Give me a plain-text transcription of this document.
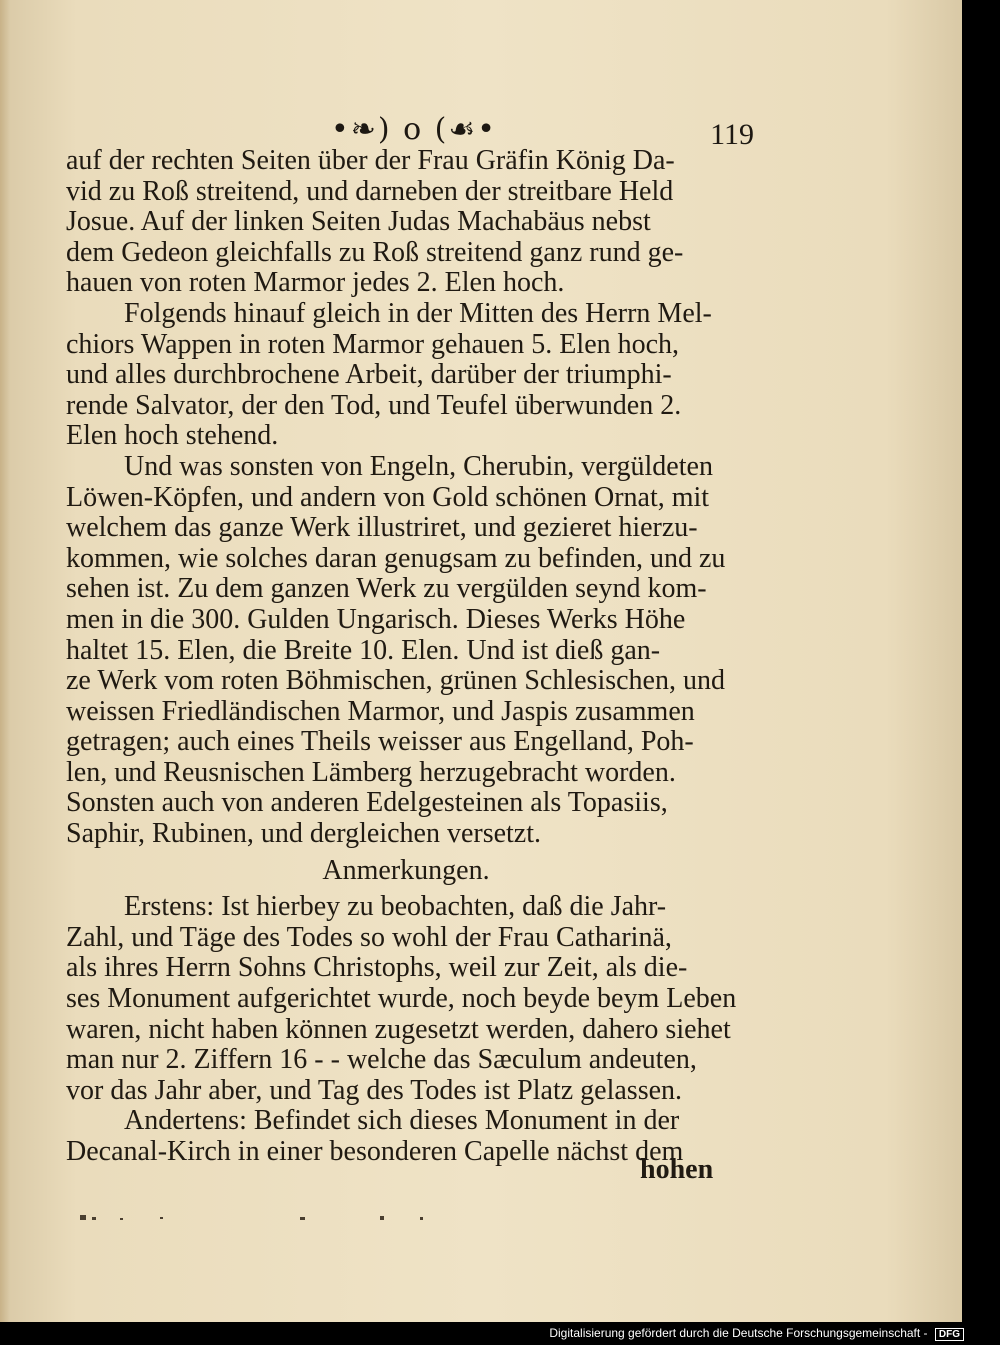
•❧) o (☙•	119

auf der rechten Seiten über der Frau Gräfin König Da-
vid zu Roß streitend, und darneben der streitbare Held
Josue. Auf der linken Seiten Judas Machabäus nebst
dem Gedeon gleichfalls zu Roß streitend ganz rund ge-
hauen von roten Marmor jedes 2. Elen hoch.

Folgends hinauf gleich in der Mitten des Herrn Mel-
chiors Wappen in roten Marmor gehauen 5. Elen hoch,
und alles durchbrochene Arbeit, darüber der triumphi-
rende Salvator, der den Tod, und Teufel überwunden 2.
Elen hoch stehend.

Und was sonsten von Engeln, Cherubin, vergüldeten
Löwen-Köpfen, und andern von Gold schönen Ornat, mit
welchem das ganze Werk illustriret, und gezieret hierzu-
kommen, wie solches daran genugsam zu befinden, und zu
sehen ist. Zu dem ganzen Werk zu vergülden seynd kom-
men in die 300. Gulden Ungarisch. Dieses Werks Höhe
haltet 15. Elen, die Breite 10. Elen. Und ist dieß gan-
ze Werk vom roten Böhmischen, grünen Schlesischen, und
weissen Friedländischen Marmor, und Jaspis zusammen
getragen; auch eines Theils weisser aus Engelland, Poh-
len, und Reusnischen Lämberg herzugebracht worden.
Sonsten auch von anderen Edelgesteinen als Topasiis,
Saphir, Rubinen, und dergleichen versetzt.

Anmerkungen.

Erstens: Ist hierbey zu beobachten, daß die Jahr-
Zahl, und Täge des Todes so wohl der Frau Catharinä,
als ihres Herrn Sohns Christophs, weil zur Zeit, als die-
ses Monument aufgerichtet wurde, noch beyde beym Leben
waren, nicht haben können zugesetzt werden, dahero siehet
man nur 2. Ziffern 16 - - welche das Sæculum andeuten,
vor das Jahr aber, und Tag des Todes ist Platz gelassen.

Andertens: Befindet sich dieses Monument in der
Decanal-Kirch in einer besonderen Capelle nächst dem

hohen
Digitalisierung gefördert durch die Deutsche Forschungsgemeinschaft - DFG
